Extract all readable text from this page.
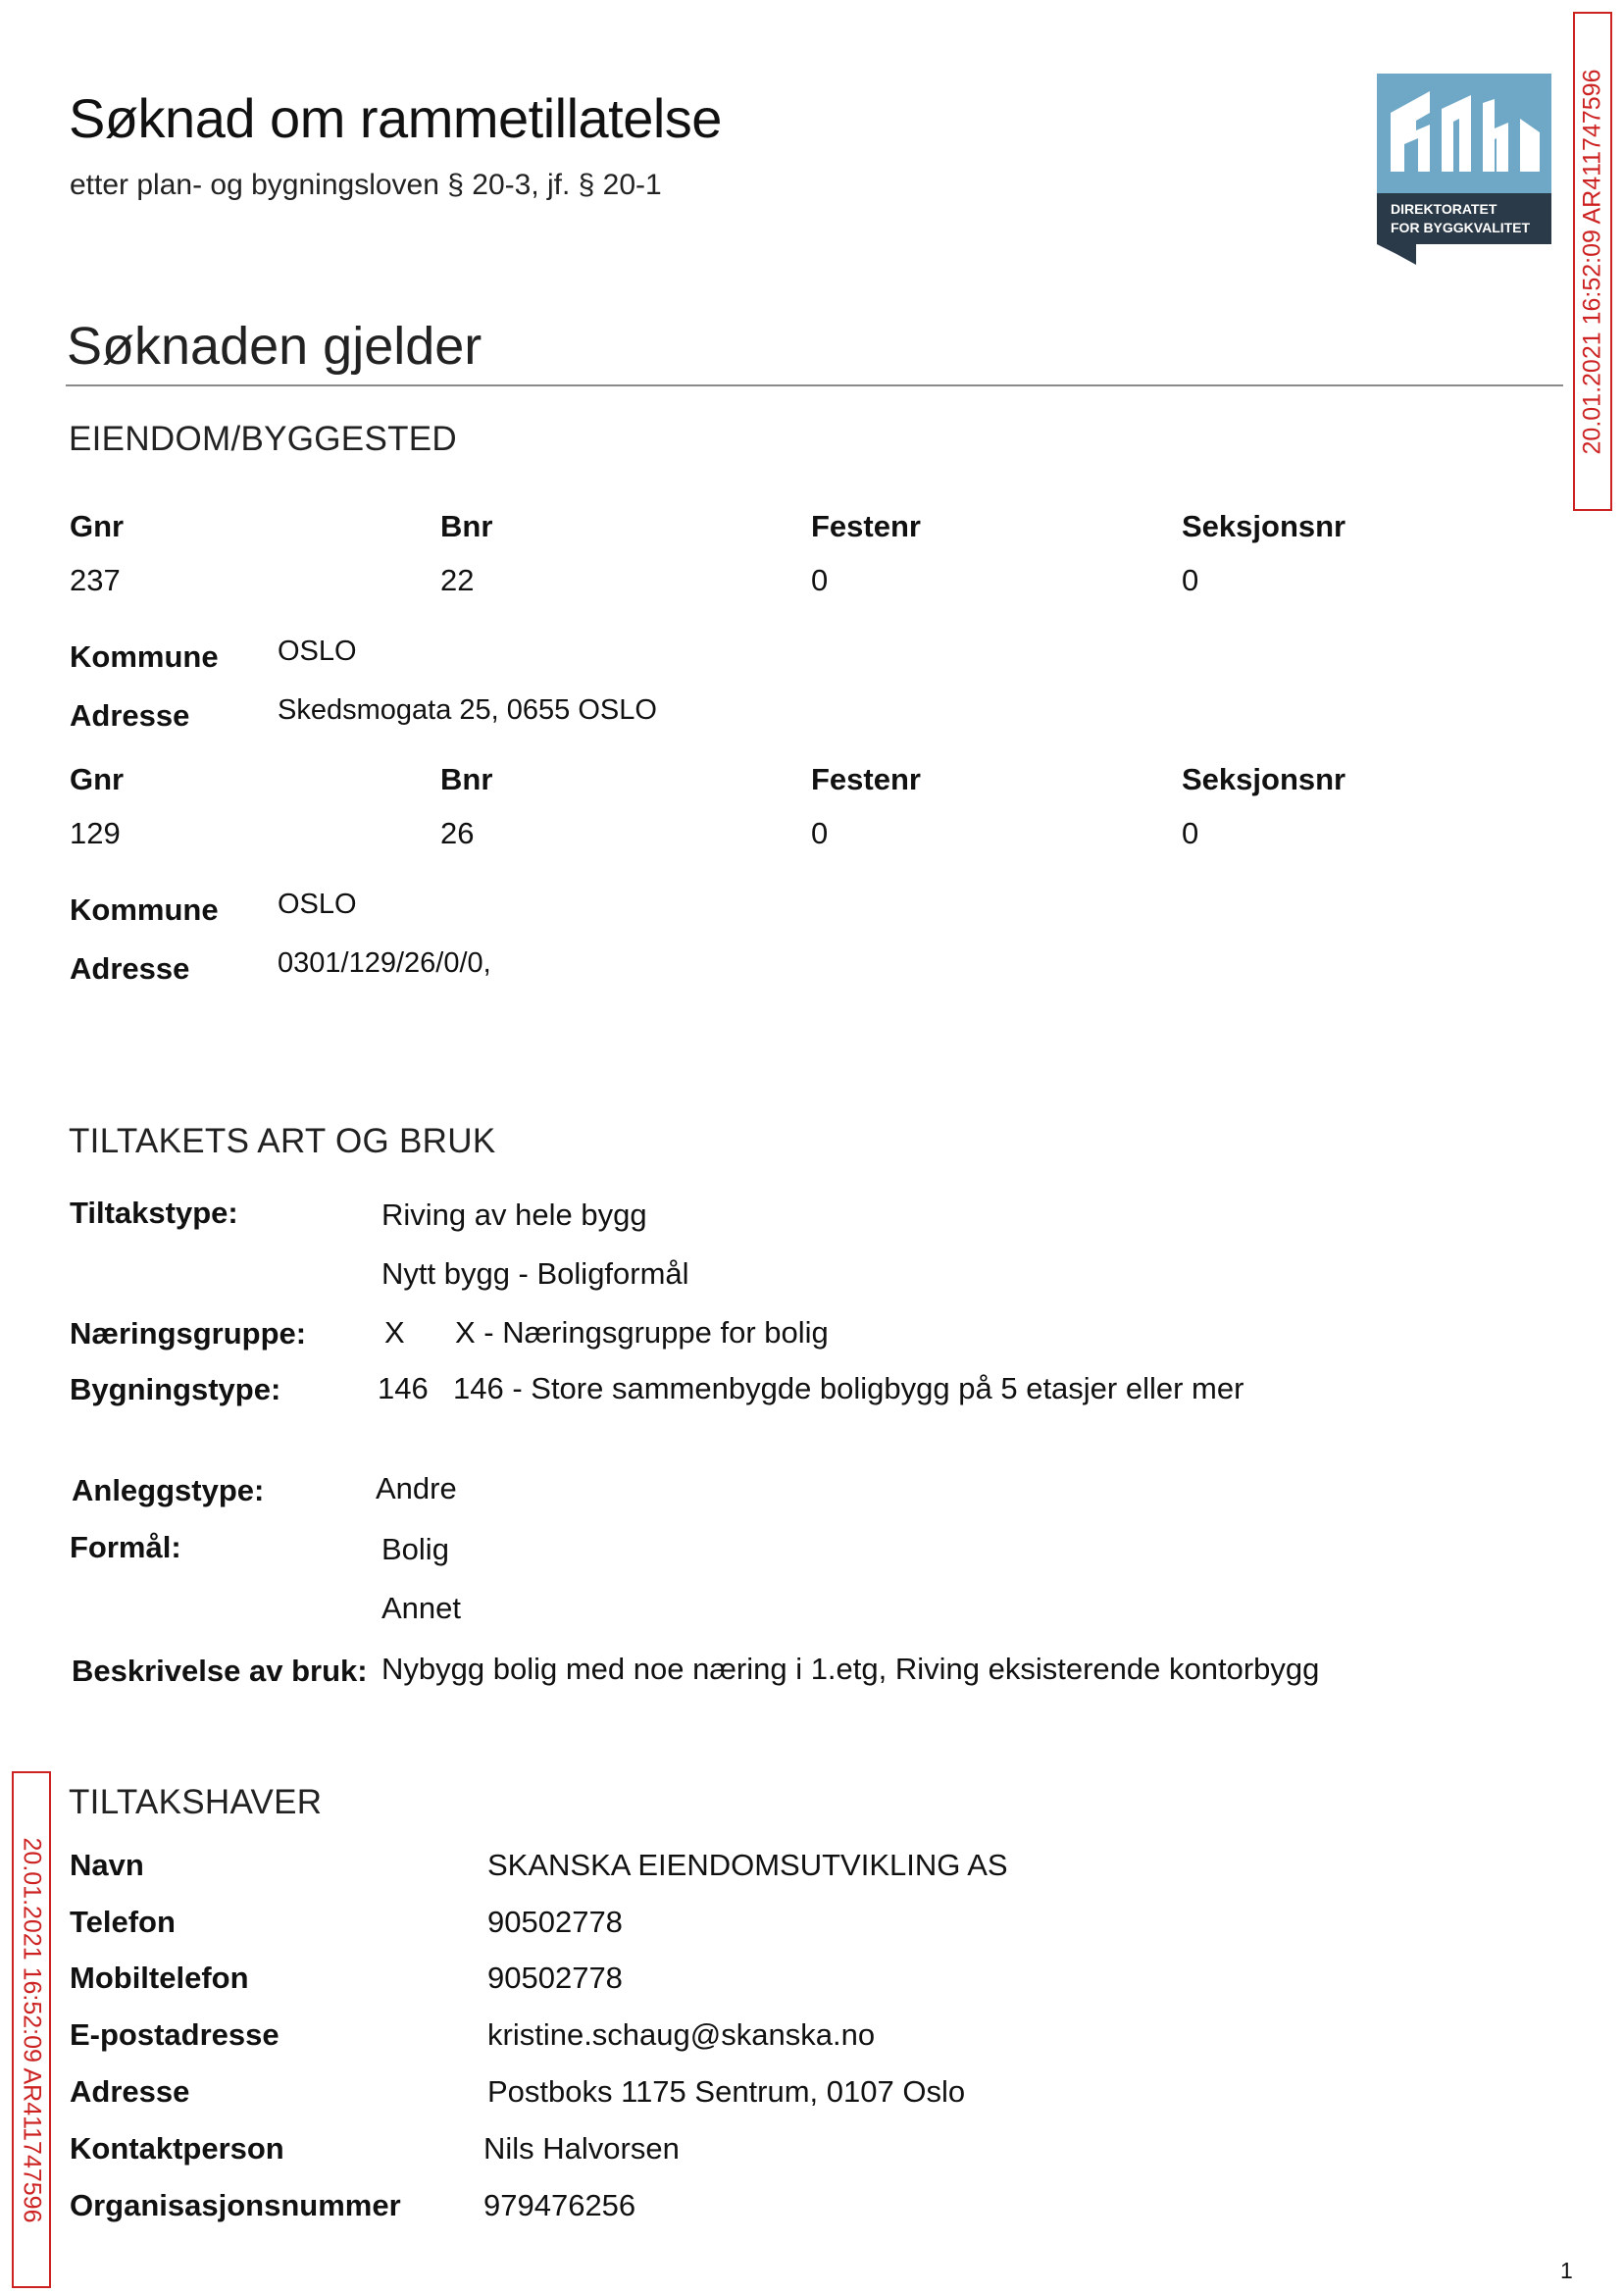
Søknad om rammetillatelse
etter plan- og bygningsloven § 20-3, jf. § 20-1
DIREKTORATET
FOR BYGGKVALITET 20.01.2021 16:52:09 AR411747596
20.01.2021 16:52:09 AR411747596
Søknaden gjelder
EIENDOM/BYGGESTED
Gnr	Bnr	Festenr	Seksjonsnr
237	22	0	0
Kommune OSLO
Adresse	Skedsmogata 25, 0655 OSLO
Gnr	Bnr	Festenr	Seksjonsnr
129	26	0	0
Kommune OSLO
Adresse	0301/129/26/0/0,
TILTAKETS ART OG BRUK
Tiltakstype:	Riving av hele bygg
Nytt bygg - Boligformål
Næringsgruppe:	X X - Næringsgruppe for bolig
Bygningstype:	146 146 - Store sammenbygde boligbygg på 5 etasjer eller mer
Anleggstype:	Andre
Formål:	Bolig
Annet
Beskrivelse av bruk: Nybygg bolig med noe næring i 1.etg, Riving eksisterende kontorbygg
TILTAKSHAVER
Navn	SKANSKA EIENDOMSUTVIKLING AS
Telefon	90502778
Mobiltelefon	90502778
E-postadresse	kristine.schaug@skanska.no
Adresse	Postboks 1175 Sentrum, 0107 Oslo
Kontaktperson	Nils Halvorsen
Organisasjonsnummer	979476256
1
